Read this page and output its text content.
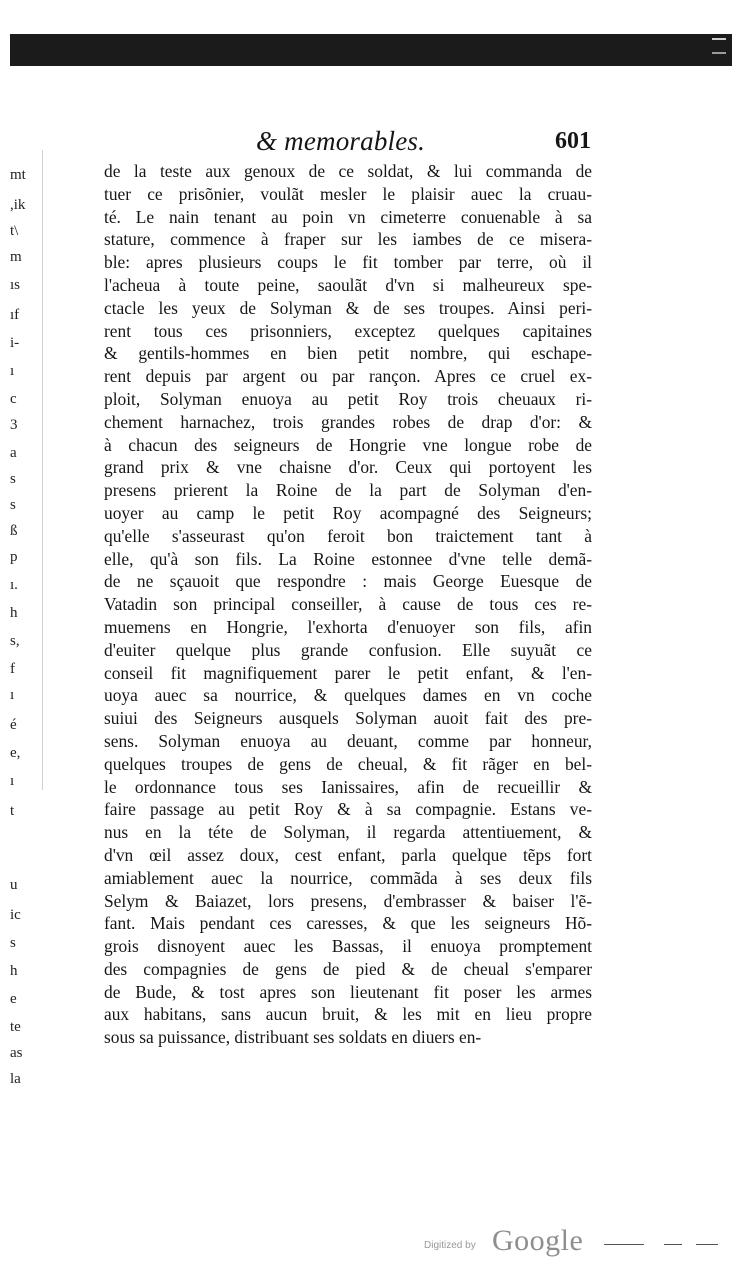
mt
,ik
t\
m
ıs
ıf
i-
ı
c
3
a
s
s
ß
p
ı.
h
s,
f
ı
é
e,
ı
t
u
ic
s
h
e
te
as
la
& memorables.	601
de la teste aux genoux de ce soldat, & lui commanda de
tuer ce prisõnier, voulãt mesler le plaisir auec la cruau-
té. Le nain tenant au poin vn cimeterre conuenable à sa
stature, commence à fraper sur les iambes de ce misera-
ble: apres plusieurs coups le fit tomber par terre, où il
l'acheua à toute peine, saoulãt d'vn si malheureux spe-
ctacle les yeux de Solyman & de ses troupes. Ainsi peri-
rent tous ces prisonniers, exceptez quelques capitaines
& gentils-hommes en bien petit nombre, qui eschape-
rent depuis par argent ou par rançon. Apres ce cruel ex-
ploit, Solyman enuoya au petit Roy trois cheuaux ri-
chement harnachez, trois grandes robes de drap d'or: &
à chacun des seigneurs de Hongrie vne longue robe de
grand prix & vne chaisne d'or. Ceux qui portoyent les
presens prierent la Roine de la part de Solyman d'en-
uoyer au camp le petit Roy acompagné des Seigneurs;
qu'elle s'asseurast qu'on feroit bon traictement tant à
elle, qu'à son fils. La Roine estonnee d'vne telle demã-
de ne sçauoit que respondre : mais George Euesque de
Vatadin son principal conseiller, à cause de tous ces re-
muemens en Hongrie, l'exhorta d'enuoyer son fils, afin
d'euiter quelque plus grande confusion. Elle suyuãt ce
conseil fit magnifiquement parer le petit enfant, & l'en-
uoya auec sa nourrice, & quelques dames en vn coche
suiui des Seigneurs ausquels Solyman auoit fait des pre-
sens. Solyman enuoya au deuant, comme par honneur,
quelques troupes de gens de cheual, & fit rãger en bel-
le ordonnance tous ses Ianissaires, afin de recueillir &
faire passage au petit Roy & à sa compagnie. Estans ve-
nus en la téte de Solyman, il regarda attentiuement, &
d'vn œil assez doux, cest enfant, parla quelque tẽps fort
amiablement auec la nourrice, commãda à ses deux fils
Selym & Baiazet, lors presens, d'embrasser & baiser l'ẽ-
fant. Mais pendant ces caresses, & que les seigneurs Hõ-
grois disnoyent auec les Bassas, il enuoya promptement
des compagnies de gens de pied & de cheual s'emparer
de Bude, & tost apres son lieutenant fit poser les armes
aux habitans, sans aucun bruit, & les mit en lieu propre
sous sa puissance, distribuant ses soldats en diuers en-
Digitized by Google
